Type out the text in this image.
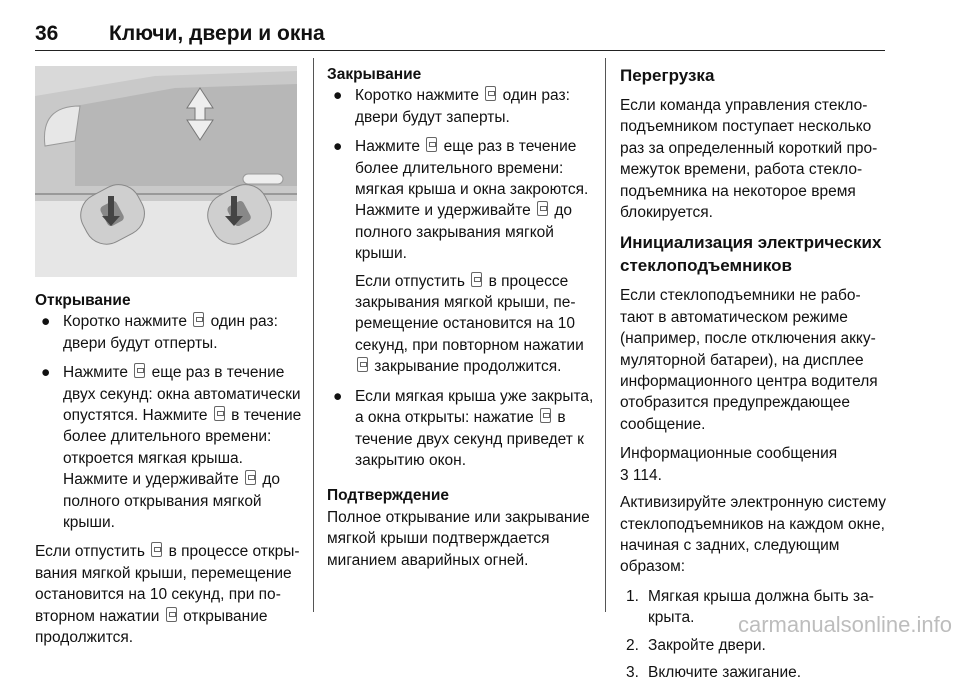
36 Ключи, двери и окна
Открывание
● Коротко нажмите  один раз: двери будут отперты.
● Нажмите  еще раз в течение двух секунд: окна автоматически опустятся. Нажмите  в течение более длительного времени: откроется мягкая крыша. Нажмите и удерживайте  до полного открывания мягкой крыши.

Если отпустить  в процессе открывания мягкой крыши, перемещение остановится на 10 секунд, при повторном нажатии  открывание продолжится.

Закрывание
● Коротко нажмите  один раз: двери будут заперты.
● Нажмите  еще раз в течение более длительного времени: мягкая крыша и окна закроются. Нажмите и удерживайте  до полного закрывания мягкой крыши.
Если отпустить  в процессе закрывания мягкой крыши, перемещение остановится на 10 секунд, при повторном нажатии  закрывание продолжится.
● Если мягкая крыша уже закрыта, а окна открыты: нажатие  в течение двух секунд приведет к закрытию окон.
Подтверждение

Полное открывание или закрывание мягкой крыши подтверждается миганием аварийных огней.

Перегрузка

Если команда управления стеклоподъемником поступает несколько раз за определенный короткий промежуток времени, работа стеклоподъемника на некоторое время блокируется.

Инициализация электрических стеклоподъемников

Если стеклоподъемники не работают в автоматическом режиме (например, после отключения аккумуляторной батареи), на дисплее информационного центра водителя отобразится предупреждающее сообщение.

Информационные сообщения
3 114.

Активизируйте электронную систему стеклоподъемников на каждом окне, начиная с задних, следующим образом:

1. Мягкая крыша должна быть закрыта.
2. Закройте двери.
3. Включите зажигание.
carmanualsonline.info
